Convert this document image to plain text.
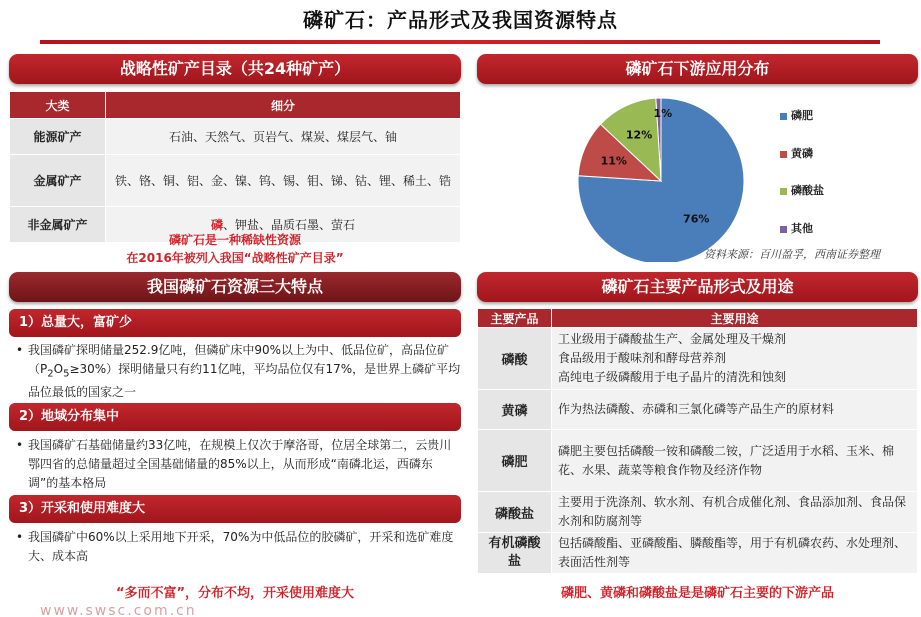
磷矿石：产品形式及我国资源特点
战略性矿产目录（共24种矿产）
大类	细分
能源矿产	石油、天然气、页岩气、煤炭、煤层气、铀
金属矿产	铁、铬、铜、铝、金、镍、钨、锡、钼、锑、钴、锂、稀土、锆
非金属矿产	磷、钾盐、晶质石墨、萤石
磷矿石是一种稀缺性资源
在2016年被列入我国“战略性矿产目录”
我国磷矿石资源三大特点
1）总量大，富矿少
• 我国磷矿探明储量252.9亿吨，但磷矿床中90%以上为中、低品位矿，高品位矿$(P_2O_5\ge 30\%)$探明储量只有约11亿吨，平均品位仅有17%，是世界上磷矿平均品位最低的国家之一
2）地域分布集中
• 我国磷矿石基础储量约33亿吨，在规模上仅次于摩洛哥，位居全球第二，云贵川鄂四省的总储量超过全国基础储量的85%以上，从而形成“南磷北运，西磷东调”的基本格局
3）开采和使用难度大
• 我国磷矿中60%以上采用地下开采，70%为中低品位的胶磷矿，开采和选矿难度大、成本高
“多而不富”，分布不均，开采使用难度大
磷矿石下游应用分布
1%
76%
11%
12%
磷肥
黄磷
磷酸盐
其他
资料来源：百川盈孚，西南证券整理
磷矿石主要产品形式及用途
主要产品	主要用途
磷酸	工业级用于磷酸盐生产、金属处理及干燥剂
食品级用于酸味剂和酵母营养剂
高纯电子级磷酸用于电子晶片的清洗和蚀刻

黄磷	作为热法磷酸、赤磷和三氯化磷等产品生产的原材料
磷肥	磷肥主要包括磷酸一铵和磷酸二铵，广泛适用于水稻、玉米、棉花、水果、蔬菜等粮食作物及经济作物
磷酸盐	主要用于洗涤剂、软水剂、有机合成催化剂、食品添加剂、食品保水剂和防腐剂等
有机磷酸盐	包括磷酸酯、亚磷酸酯、膦酸酯等，用于有机磷农药、水处理剂、表面活性剂等
磷肥、黄磷和磷酸盐是是磷矿石主要的下游产品
www.swsc.com.cn
